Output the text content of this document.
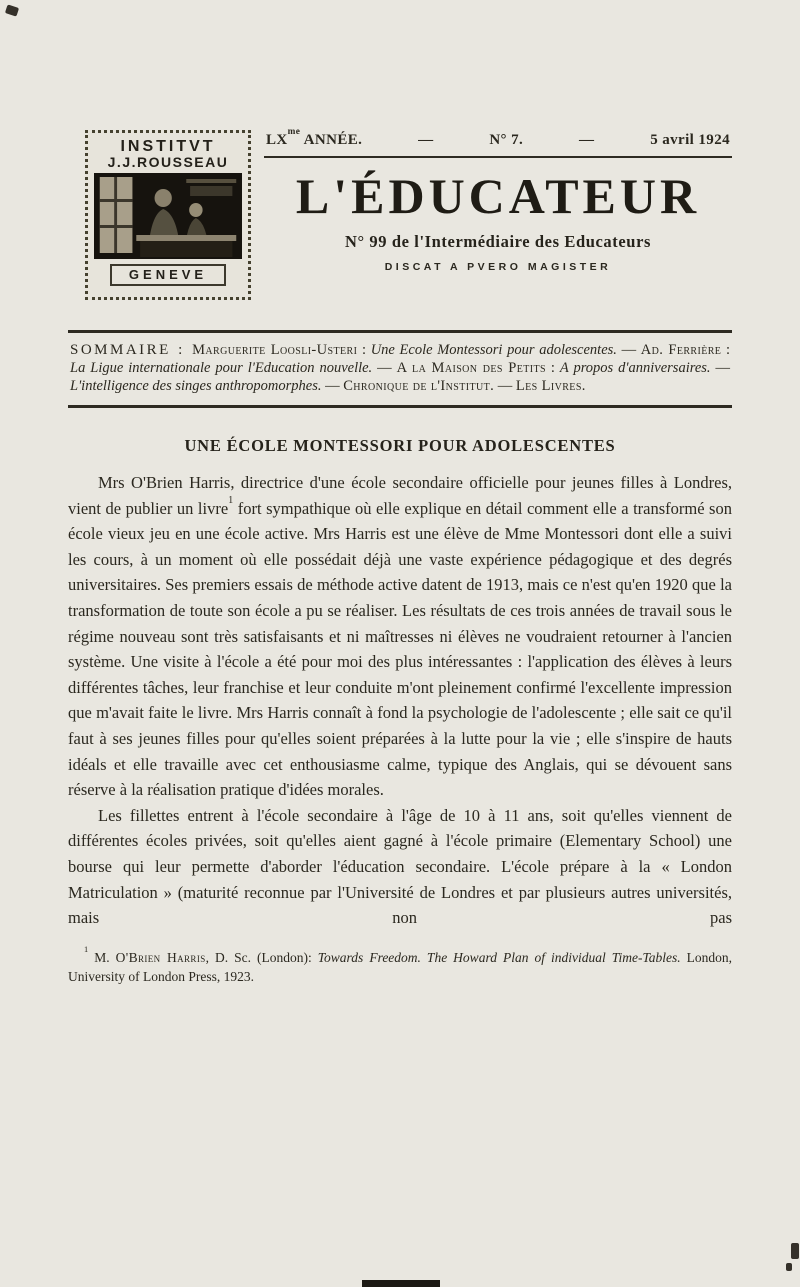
INSTITVT
J.J.ROUSSEAU
GENEVE
$LX^{me}$ ANNÉE.	—	N° 7.	—	5 avril 1924
L'ÉDUCATEUR
N° 99 de l'Intermédiaire des Educateurs
DISCAT A PVERO MAGISTER

SOMMAIRE : Marguerite Loosli-Usteri : Une Ecole Montessori pour adolescentes. — Ad. Ferrière : La Ligue internationale pour l'Education nouvelle. — A la Maison des Petits : A propos d'anniversaires. — L'intelligence des singes anthropomorphes. — Chronique de l'Institut. — Les Livres.

UNE ÉCOLE MONTESSORI POUR ADOLESCENTES

Mrs O'Brien Harris, directrice d'une école secondaire officielle pour jeunes filles à Londres, vient de publier un livre$^1$ fort sympathique où elle explique en détail comment elle a transformé son école vieux jeu en une école active. Mrs Harris est une élève de Mme Montessori dont elle a suivi les cours, à un moment où elle possédait déjà une vaste expérience pédagogique et des degrés universitaires. Ses premiers essais de méthode active datent de 1913, mais ce n'est qu'en 1920 que la transformation de toute son école a pu se réaliser. Les résultats de ces trois années de travail sous le régime nouveau sont très satisfaisants et ni maîtresses ni élèves ne voudraient retourner à l'ancien système. Une visite à l'école a été pour moi des plus intéressantes : l'application des élèves à leurs différentes tâches, leur franchise et leur conduite m'ont pleinement confirmé l'excellente impression que m'avait faite le livre. Mrs Harris connaît à fond la psychologie de l'adolescente ; elle sait ce qu'il faut à ses jeunes filles pour qu'elles soient préparées à la lutte pour la vie ; elle s'inspire de hauts idéals et elle travaille avec cet enthousiasme calme, typique des Anglais, qui se dévouent sans réserve à la réalisation pratique d'idées morales.

Les fillettes entrent à l'école secondaire à l'âge de 10 à 11 ans, soit qu'elles viennent de différentes écoles privées, soit qu'elles aient gagné à l'école primaire (Elementary School) une bourse qui leur permette d'aborder l'éducation secondaire. L'école prépare à la « London Matriculation » (maturité reconnue par l'Université de Londres et par plusieurs autres universités, mais non pas

$^1$ M. O'Brien Harris, D. Sc. (London): Towards Freedom. The Howard Plan of individual Time-Tables. London, University of London Press, 1923.
